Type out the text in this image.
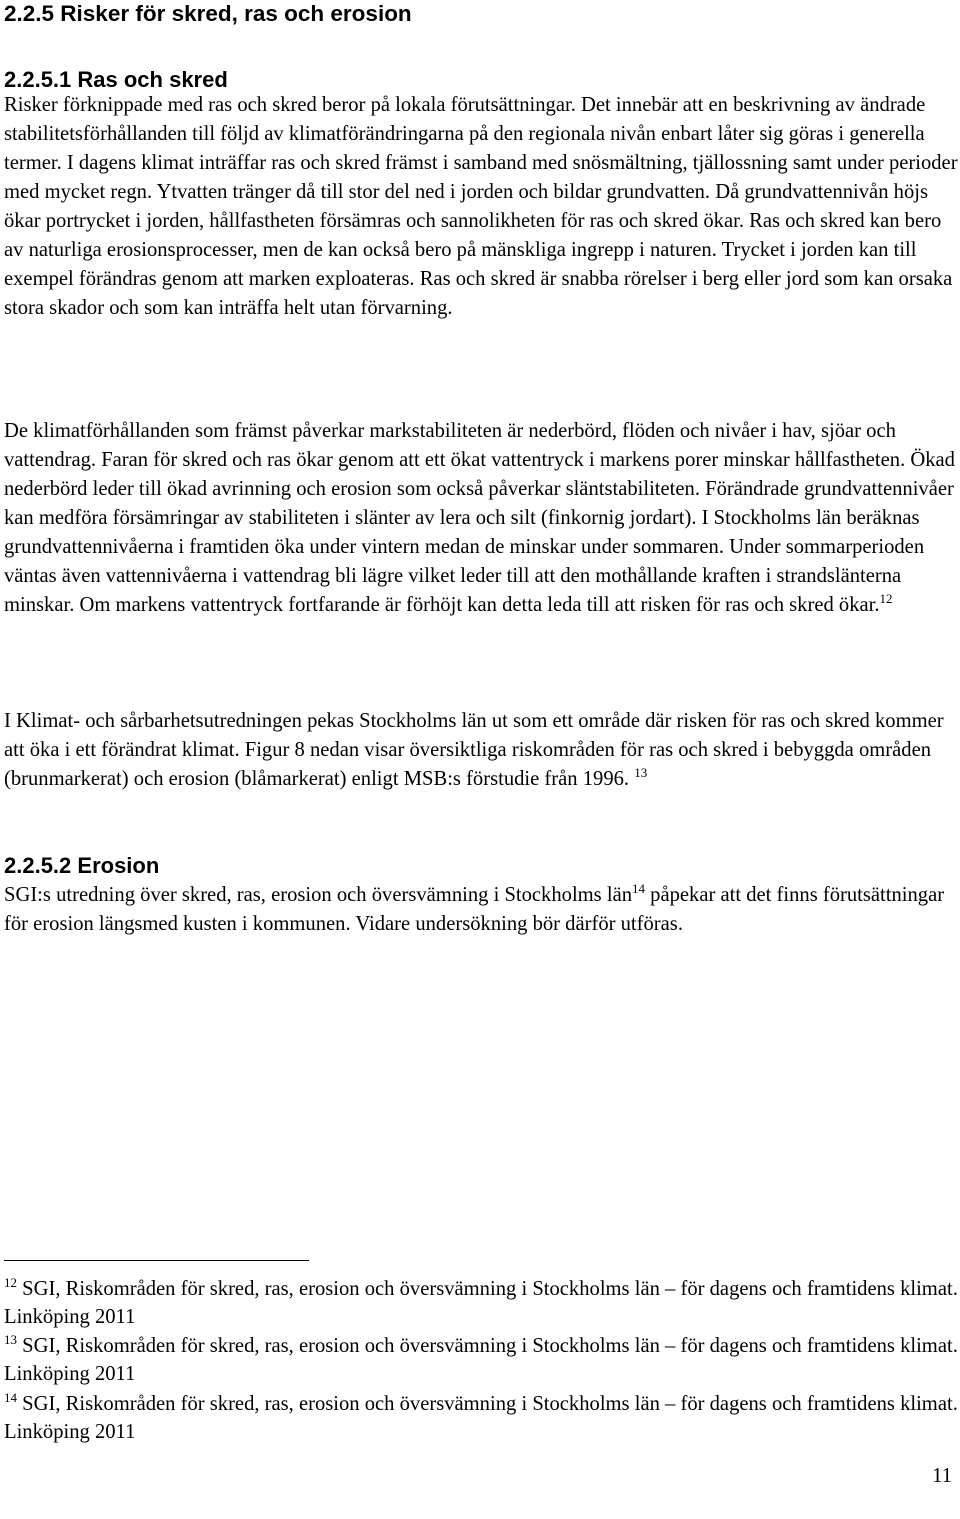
2.2.5 Risker för skred, ras och erosion
2.2.5.1 Ras och skred

Risker förknippade med ras och skred beror på lokala förutsättningar. Det innebär att en beskrivning av ändrade stabilitetsförhållanden till följd av klimatförändringarna på den regionala nivån enbart låter sig göras i generella termer. I dagens klimat inträffar ras och skred främst i samband med snösmältning, tjällossning samt under perioder med mycket regn. Ytvatten tränger då till stor del ned i jorden och bildar grundvatten. Då grundvattennivån höjs ökar portrycket i jorden, hållfastheten försämras och sannolikheten för ras och skred ökar. Ras och skred kan bero av naturliga erosionsprocesser, men de kan också bero på mänskliga ingrepp i naturen. Trycket i jorden kan till exempel förändras genom att marken exploateras. Ras och skred är snabba rörelser i berg eller jord som kan orsaka stora skador och som kan inträffa helt utan förvarning.

De klimatförhållanden som främst påverkar markstabiliteten är nederbörd, flöden och nivåer i hav, sjöar och vattendrag. Faran för skred och ras ökar genom att ett ökat vattentryck i markens porer minskar hållfastheten. Ökad nederbörd leder till ökad avrinning och erosion som också påverkar släntstabiliteten. Förändrade grundvattennivåer kan medföra försämringar av stabiliteten i slänter av lera och silt (finkornig jordart). I Stockholms län beräknas grundvattennivåerna i framtiden öka under vintern medan de minskar under sommaren. Under sommarperioden väntas även vattennivåerna i vattendrag bli lägre vilket leder till att den mothållande kraften i strandslänterna minskar. Om markens vattentryck fortfarande är förhöjt kan detta leda till att risken för ras och skred ökar.$^{12}$

I Klimat- och sårbarhetsutredningen pekas Stockholms län ut som ett område där risken för ras och skred kommer att öka i ett förändrat klimat. Figur 8 nedan visar översiktliga riskområden för ras och skred i bebyggda områden (brunmarkerat) och erosion (blåmarkerat) enligt MSB:s förstudie från 1996. $^{13}$

2.2.5.2 Erosion

SGI:s utredning över skred, ras, erosion och översvämning i Stockholms län$^{14}$ påpekar att det finns förutsättningar för erosion längsmed kusten i kommunen. Vidare undersökning bör därför utföras.

$^{12}$ SGI, Riskområden för skred, ras, erosion och översvämning i Stockholms län – för dagens och framtidens klimat. Linköping 2011

$^{13}$ SGI, Riskområden för skred, ras, erosion och översvämning i Stockholms län – för dagens och framtidens klimat. Linköping 2011

$^{14}$ SGI, Riskområden för skred, ras, erosion och översvämning i Stockholms län – för dagens och framtidens klimat. Linköping 2011

11
